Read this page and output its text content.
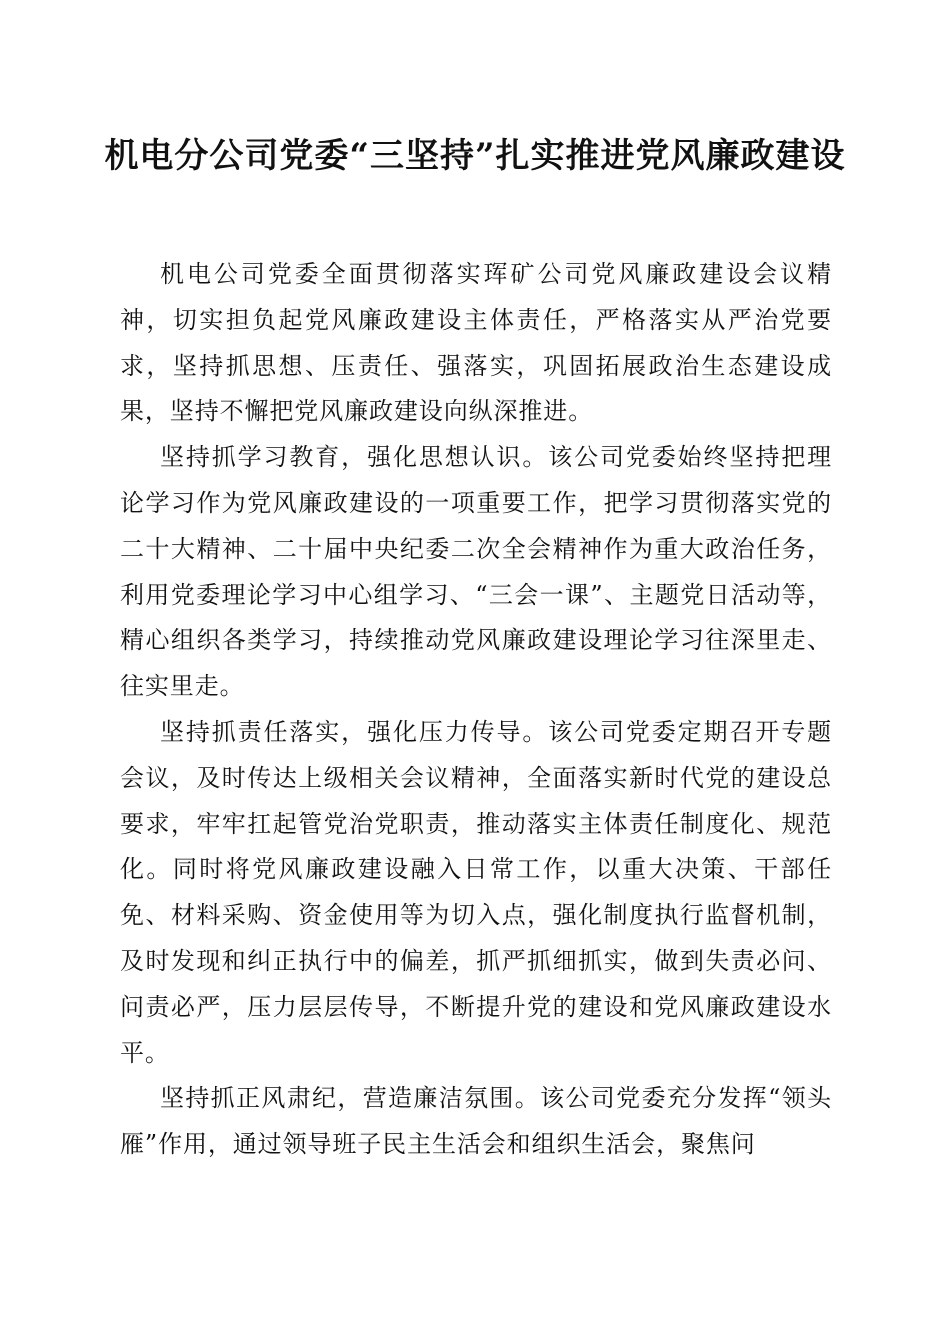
机电分公司党委“三坚持”扎实推进党风廉政建设

机电公司党委全面贯彻落实珲矿公司党风廉政建设会议精神，切实担负起党风廉政建设主体责任，严格落实从严治党要求，坚持抓思想、压责任、强落实，巩固拓展政治生态建设成果，坚持不懈把党风廉政建设向纵深推进。

坚持抓学习教育，强化思想认识。该公司党委始终坚持把理论学习作为党风廉政建设的一项重要工作，把学习贯彻落实党的二十大精神、二十届中央纪委二次全会精神作为重大政治任务，利用党委理论学习中心组学习、“三会一课”、主题党日活动等，精心组织各类学习，持续推动党风廉政建设理论学习往深里走、往实里走。

坚持抓责任落实，强化压力传导。该公司党委定期召开专题会议，及时传达上级相关会议精神，全面落实新时代党的建设总要求，牢牢扛起管党治党职责，推动落实主体责任制度化、规范化。同时将党风廉政建设融入日常工作，以重大决策、干部任免、材料采购、资金使用等为切入点，强化制度执行监督机制，及时发现和纠正执行中的偏差，抓严抓细抓实，做到失责必问、问责必严，压力层层传导，不断提升党的建设和党风廉政建设水平。

坚持抓正风肃纪，营造廉洁氛围。该公司党委充分发挥“领头雁”作用，通过领导班子民主生活会和组织生活会，聚焦问
